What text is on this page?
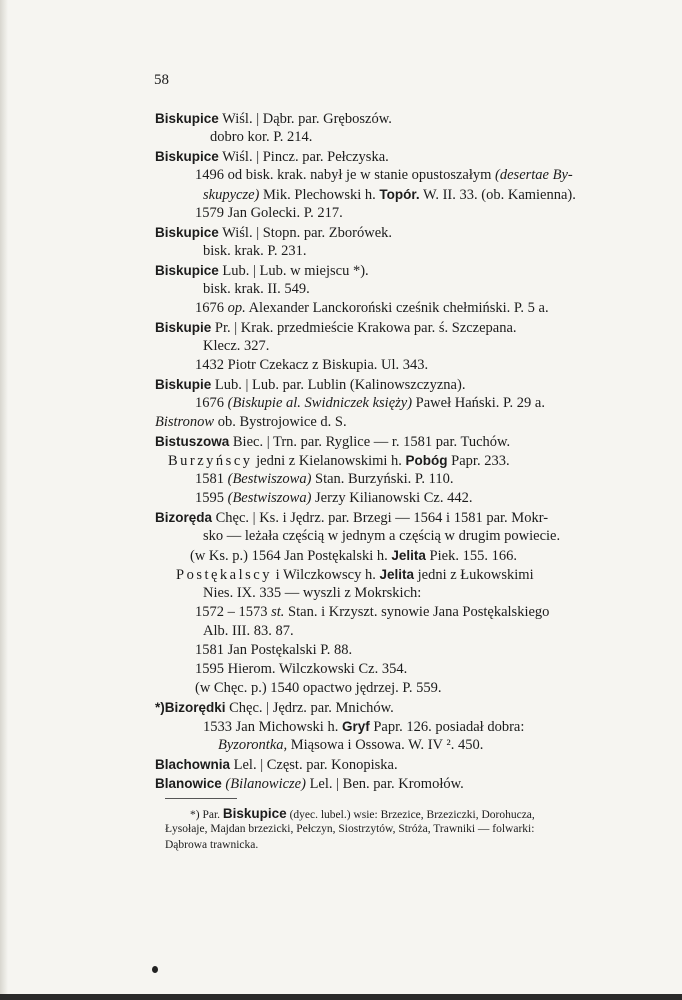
58
Biskupice Wiśl. | Dąbr. par. Gręboszów.
dobro kor. P. 214.
Biskupice Wiśl. | Pincz. par. Pełczyska.
1496 od bisk. krak. nabył je w stanie opustoszałym (desertae By-
skupycze) Mik. Plechowski h. Topór. W. II. 33. (ob. Kamienna).
1579 Jan Golecki. P. 217.
Biskupice Wiśl. | Stopn. par. Zborówek.
bisk. krak. P. 231.
Biskupice Lub. | Lub. w miejscu *).
bisk. krak. II. 549.
1676 op. Alexander Lanckoroński cześnik chełmiński. P. 5 a.
Biskupie Pr. | Krak. przedmieście Krakowa par. ś. Szczepana.
Klecz. 327.
1432 Piotr Czekacz z Biskupia. Ul. 343.
Biskupie Lub. | Lub. par. Lublin (Kalinowszczyzna).
1676 (Biskupie al. Swidniczek księży) Paweł Hański. P. 29 a.
Bistronow ob. Bystrojowice d. S.
Bistuszowa Biec. | Trn. par. Ryglice — r. 1581 par. Tuchów.
Burzyńscy jedni z Kielanowskimi h. Pobóg Papr. 233.
1581 (Bestwiszowa) Stan. Burzyński. P. 110.
1595 (Bestwiszowa) Jerzy Kilianowski Cz. 442.
Bizoręda Chęc. | Ks. i Jędrz. par. Brzegi — 1564 i 1581 par. Mokr-
sko — leżała częścią w jednym a częścią w drugim powiecie.
(w Ks. p.) 1564 Jan Postękalski h. Jelita Piek. 155. 166.
Postękalscy i Wilczkowscy h. Jelita jedni z Łukowskimi
Nies. IX. 335 — wyszli z Mokrskich:
1572 – 1573 st. Stan. i Krzyszt. synowie Jana Postękalskiego
Alb. III. 83. 87.
1581 Jan Postękalski P. 88.
1595 Hierom. Wilczkowski Cz. 354.
(w Chęc. p.) 1540 opactwo jędrzej. P. 559.
*)Bizorędki Chęc. | Jędrz. par. Mnichów.
1533 Jan Michowski h. Gryf Papr. 126. posiadał dobra:
Byzorontka, Miąsowa i Ossowa. W. IV ². 450.
Blachownia Lel. | Częst. par. Konopiska.
Blanowice (Bilanowicze) Lel. | Ben. par. Kromołów.
*) Par. Biskupice (dyec. lubel.) wsie: Brzezice, Brzeziczki, Dorohucza,
Łysołaje, Majdan brzezicki, Pełczyn, Siostrzytów, Stróża, Trawniki — folwarki:
Dąbrowa trawnicka.
